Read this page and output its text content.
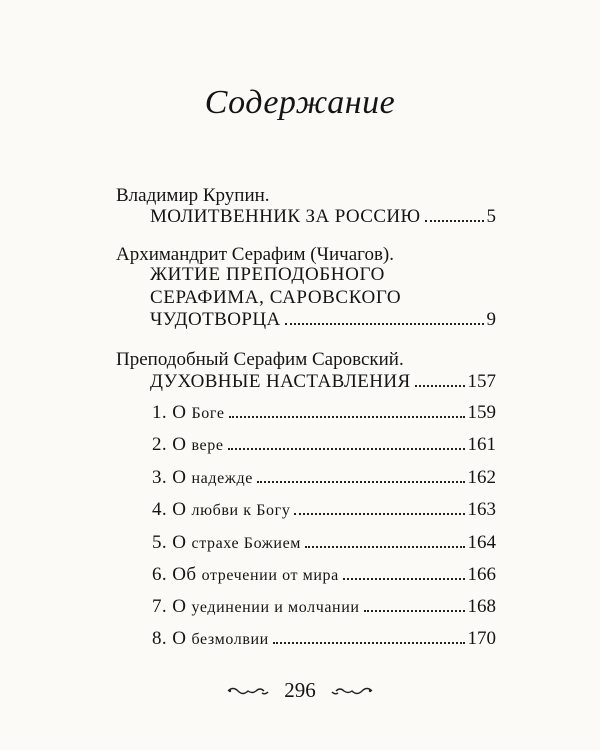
Содержание
Владимир Крупин.
МОЛИТВЕННИК ЗА РОССИЮ	5
Архимандрит Серафим (Чичагов).
ЖИТИЕ ПРЕПОДОБНОГО
СЕРАФИМА, САРОВСКОГО
ЧУДОТВОРЦА	9
Преподобный Серафим Саровский.
ДУХОВНЫЕ НАСТАВЛЕНИЯ	157
1. О Боге	159
2. О вере	161
3. О надежде	162
4. О любви к Богу	163
5. О страхе Божием	164
6. Об отречении от мира	166
7. О уединении и молчании	168
8. О безмолвии	170
296
